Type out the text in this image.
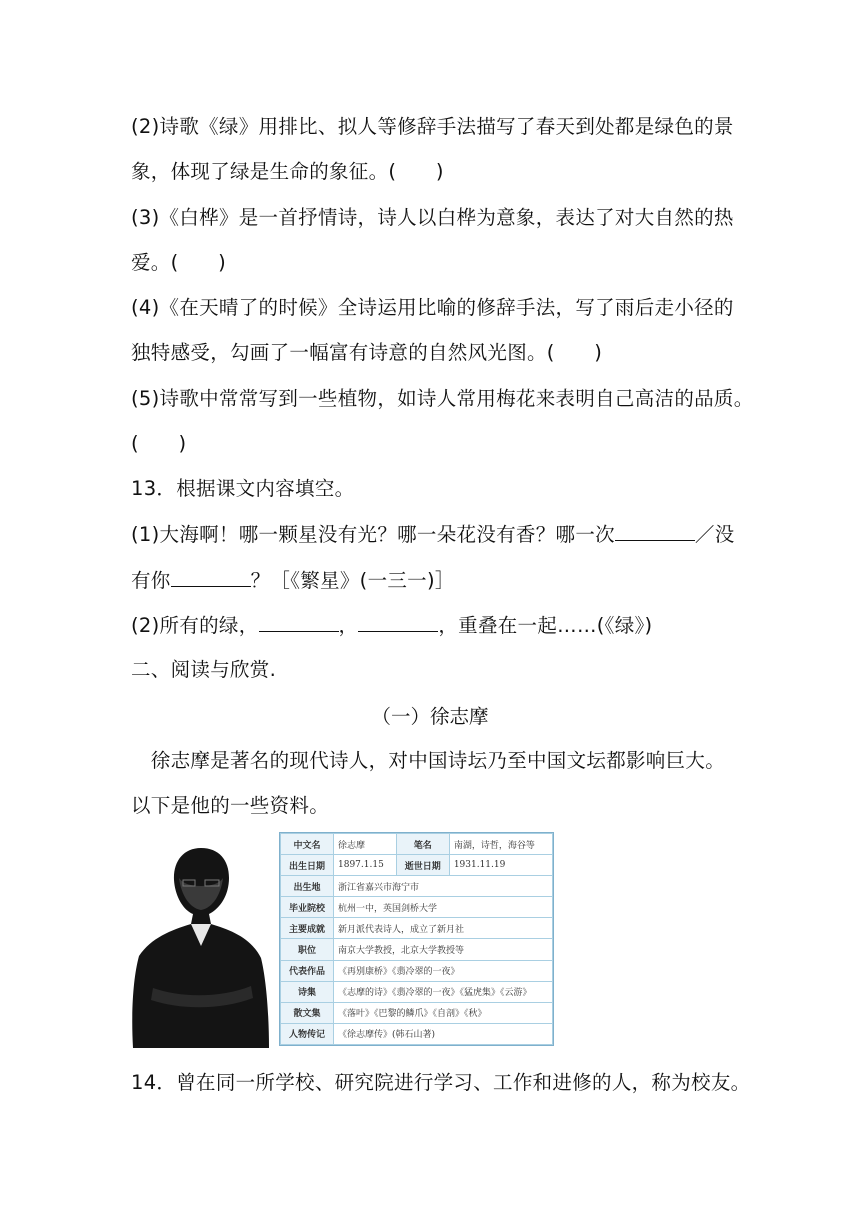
(2)诗歌《绿》用排比、拟人等修辞手法描写了春天到处都是绿色的景
象，体现了绿是生命的象征。(　　)
(3)《白桦》是一首抒情诗，诗人以白桦为意象，表达了对大自然的热
爱。(　　)
(4)《在天晴了的时候》全诗运用比喻的修辞手法，写了雨后走小径的
独特感受，勾画了一幅富有诗意的自然风光图。(　　)
(5)诗歌中常常写到一些植物，如诗人常用梅花来表明自己高洁的品质。
(　　)
13．根据课文内容填空。
(1)大海啊！哪一颗星没有光？哪一朵花没有香？哪一次	／没
有你	？［《繁星》(一三一)］
(2)所有的绿，	，	，重叠在一起……(《绿》)
二、阅读与欣赏.
（一）徐志摩
　徐志摩是著名的现代诗人，对中国诗坛乃至中国文坛都影响巨大。
以下是他的一些资料。
中文名	徐志摩	笔名	南湖，诗哲，海谷等
出生日期	1897.1.15	逝世日期	1931.11.19
出生地	浙江省嘉兴市海宁市		
毕业院校	杭州一中，英国剑桥大学		
主要成就	新月派代表诗人，成立了新月社		
职位	南京大学教授，北京大学教授等		
代表作品	《再别康桥》《翡冷翠的一夜》		
诗集	《志摩的诗》《翡冷翠的一夜》《猛虎集》《云游》		
散文集	《落叶》《巴黎的鳞爪》《自剖》《秋》		
人物传记	《徐志摩传》(韩石山著)		
14．曾在同一所学校、研究院进行学习、工作和进修的人，称为校友。
